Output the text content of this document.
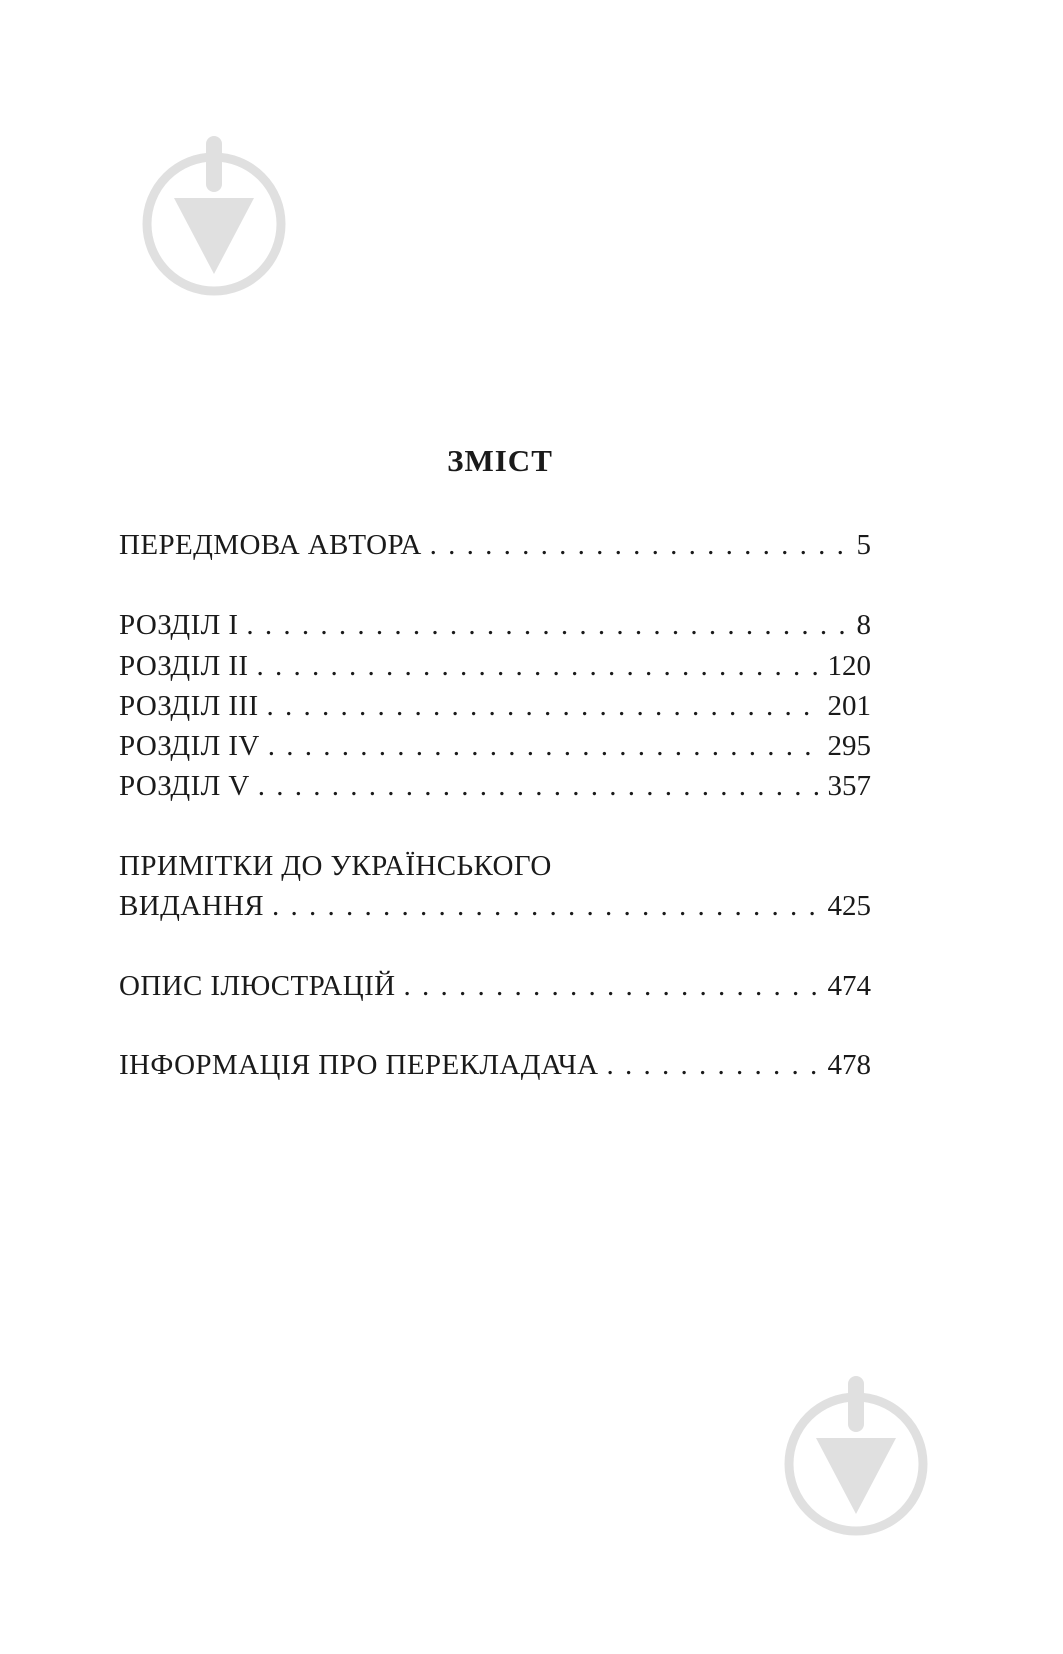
ЗМІСТ
ПЕРЕДМОВА АВТОРА . . .	5
РОЗДІЛ I . . .	8
РОЗДІЛ II . . .	120
РОЗДІЛ III . . .	201
РОЗДІЛ IV . . .	295
РОЗДІЛ V . . .	357
ПРИМІТКИ ДО УКРАЇНСЬКОГО
ВИДАННЯ . . .	425
ОПИС ІЛЮСТРАЦІЙ . . .	474
ІНФОРМАЦІЯ ПРО ПЕРЕКЛАДАЧА . . .	478
